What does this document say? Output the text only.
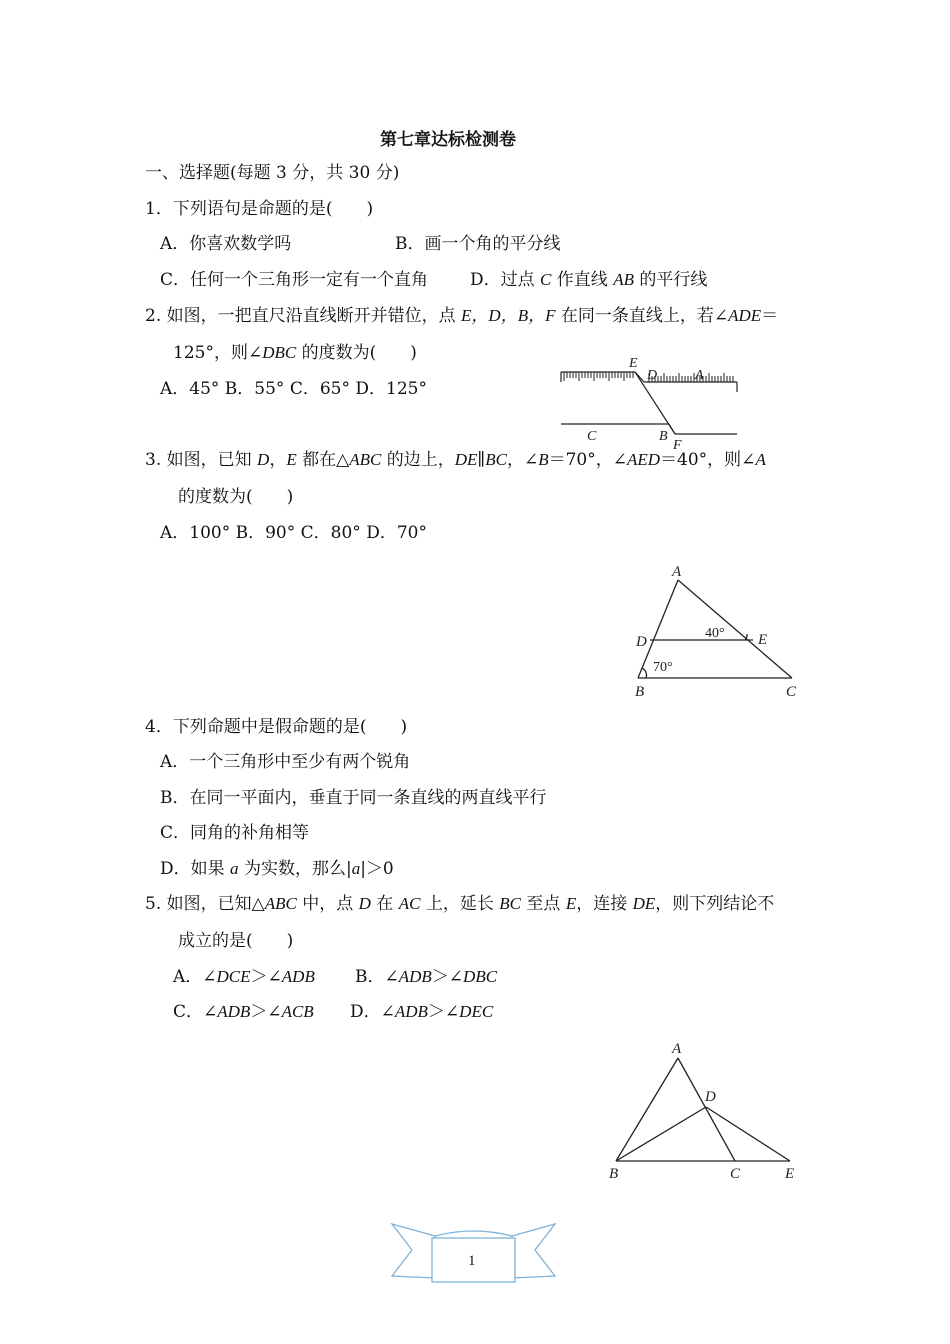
第七章达标检测卷
一、选择题(每题 3 分，共 30 分)
1．下列语句是命题的是(　　)
A．你喜欢数学吗	B．画一个角的平分线
C．任何一个三角形一定有一个直角 D．过点 C 作直线 AB 的平行线
2. 如图，一把直尺沿直线断开并错位，点 E，D，B，F 在同一条直线上，若∠ADE＝
125°，则∠DBC 的度数为(　　)
A．45° B．55° C．65° D．125°
E
D	A
C	B
F
3. 如图，已知 D，E 都在△ABC 的边上，DE∥BC，∠B＝70°，∠AED＝40°，则∠A
的度数为(　　)
A．100° B．90° C．80° D．70°
A
D	E
B	C
40°
70°
4．下列命题中是假命题的是(　　)
A．一个三角形中至少有两个锐角
B．在同一平面内，垂直于同一条直线的两直线平行
C．同角的补角相等
D．如果 a 为实数，那么|a|＞0
5. 如图，已知△ABC 中，点 D 在 AC 上，延长 BC 至点 E，连接 DE，则下列结论不
成立的是(　　)
A．∠DCE＞∠ADB B．∠ADB＞∠DBC
C．∠ADB＞∠ACB D．∠ADB＞∠DEC
A
D
B	C	E
1
